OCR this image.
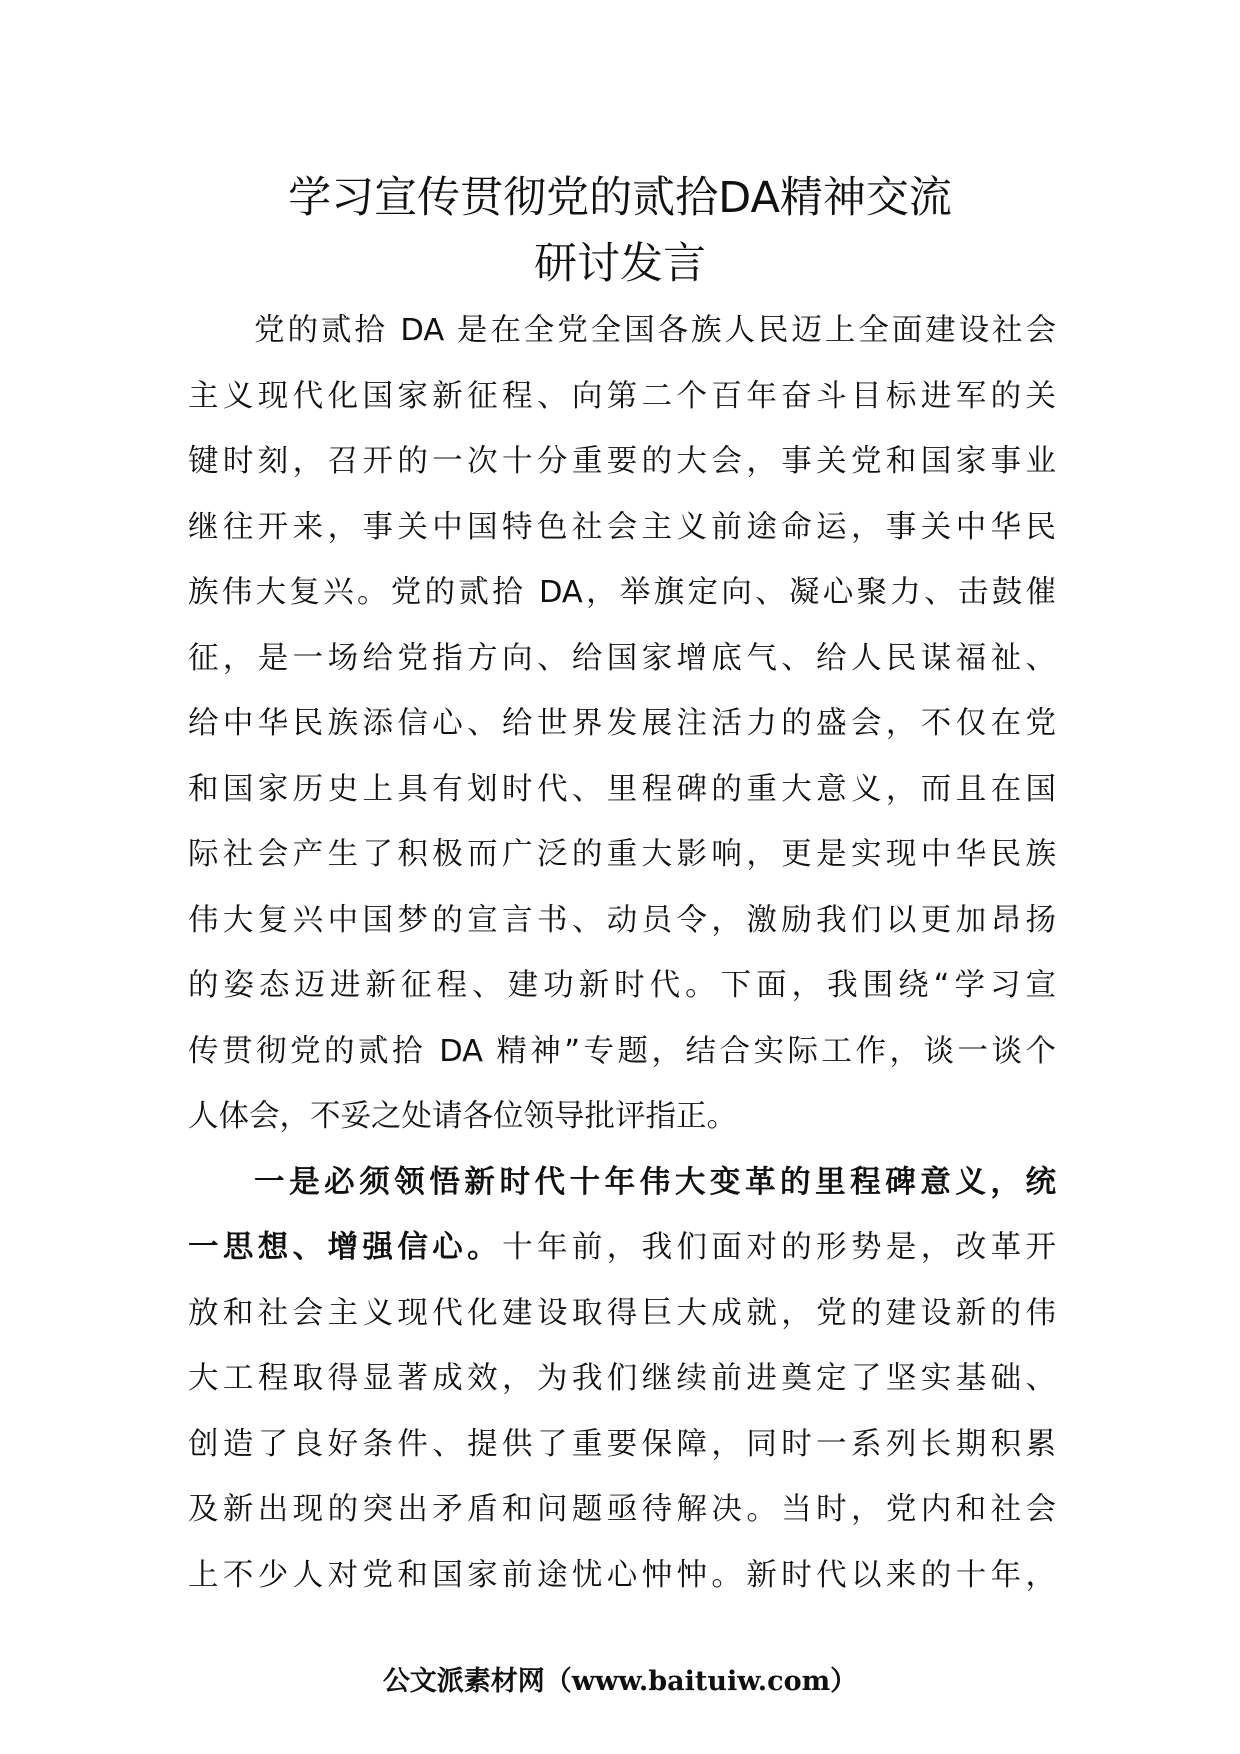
学习宣传贯彻党的贰拾DA精神交流
研讨发言
党的贰拾 DA 是在全党全国各族人民迈上全面建设社会
主义现代化国家新征程、向第二个百年奋斗目标进军的关
键时刻，召开的一次十分重要的大会，事关党和国家事业
继往开来，事关中国特色社会主义前途命运，事关中华民
族伟大复兴。党的贰拾 DA，举旗定向、凝心聚力、击鼓催
征，是一场给党指方向、给国家增底气、给人民谋福祉、
给中华民族添信心、给世界发展注活力的盛会，不仅在党
和国家历史上具有划时代、里程碑的重大意义，而且在国
际社会产生了积极而广泛的重大影响，更是实现中华民族
伟大复兴中国梦的宣言书、动员令，激励我们以更加昂扬
的姿态迈进新征程、建功新时代。下面，我围绕“学习宣
传贯彻党的贰拾 DA 精神”专题，结合实际工作，谈一谈个
人体会，不妥之处请各位领导批评指正。
一是必须领悟新时代十年伟大变革的里程碑意义，统
一思想、增强信心。十年前，我们面对的形势是，改革开
放和社会主义现代化建设取得巨大成就，党的建设新的伟
大工程取得显著成效，为我们继续前进奠定了坚实基础、
创造了良好条件、提供了重要保障，同时一系列长期积累
及新出现的突出矛盾和问题亟待解决。当时，党内和社会
上不少人对党和国家前途忧心忡忡。新时代以来的十年，
公文派素材网（www.baituiw.com）
